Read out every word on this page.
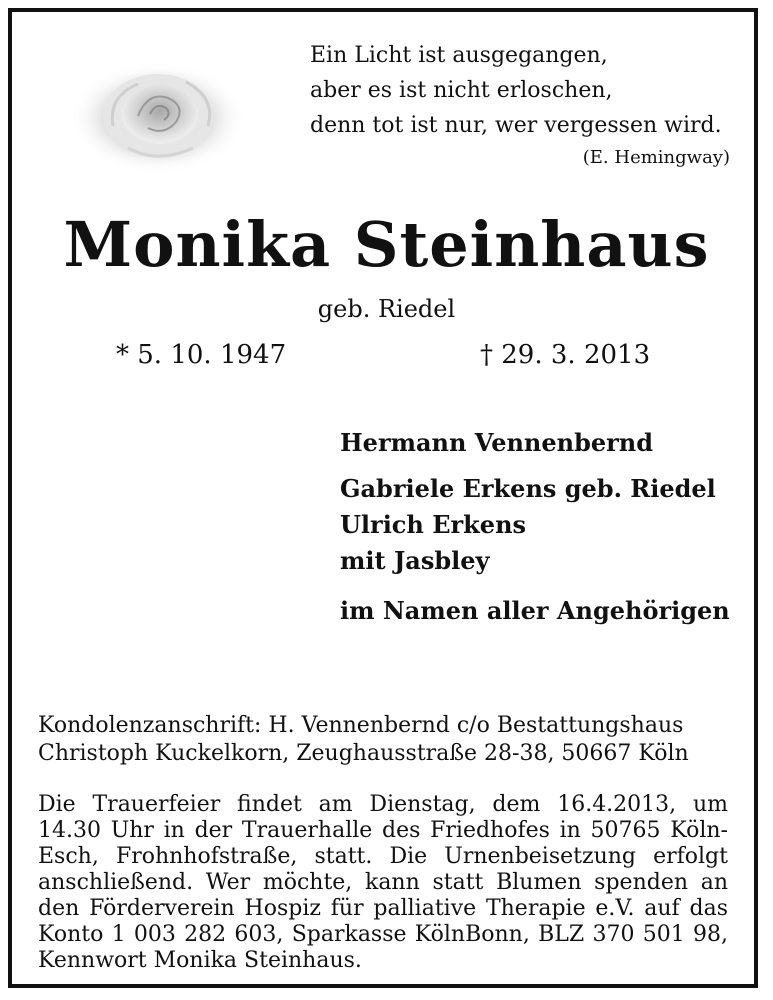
Ein Licht ist ausgegangen,
aber es ist nicht erloschen,
denn tot ist nur, wer vergessen wird.
(E. Hemingway)
Monika Steinhaus
geb. Riedel
* 5. 10. 1947	† 29. 3. 2013
Hermann Vennenbernd
Gabriele Erkens geb. Riedel
Ulrich Erkens
mit Jasbley
im Namen aller Angehörigen
Kondolenzanschrift: H. Vennenbernd c/o Bestattungshaus
Christoph Kuckelkorn, Zeughausstraße 28-38, 50667 Köln
Die Trauerfeier findet am Dienstag, dem 16.4.2013, um
14.30 Uhr in der Trauerhalle des Friedhofes in 50765 Köln-
Esch, Frohnhofstraße, statt. Die Urnenbeisetzung erfolgt
anschließend. Wer möchte, kann statt Blumen spenden an
den Förderverein Hospiz für palliative Therapie e.V. auf das
Konto 1 003 282 603, Sparkasse KölnBonn, BLZ 370 501 98,
Kennwort Monika Steinhaus.
